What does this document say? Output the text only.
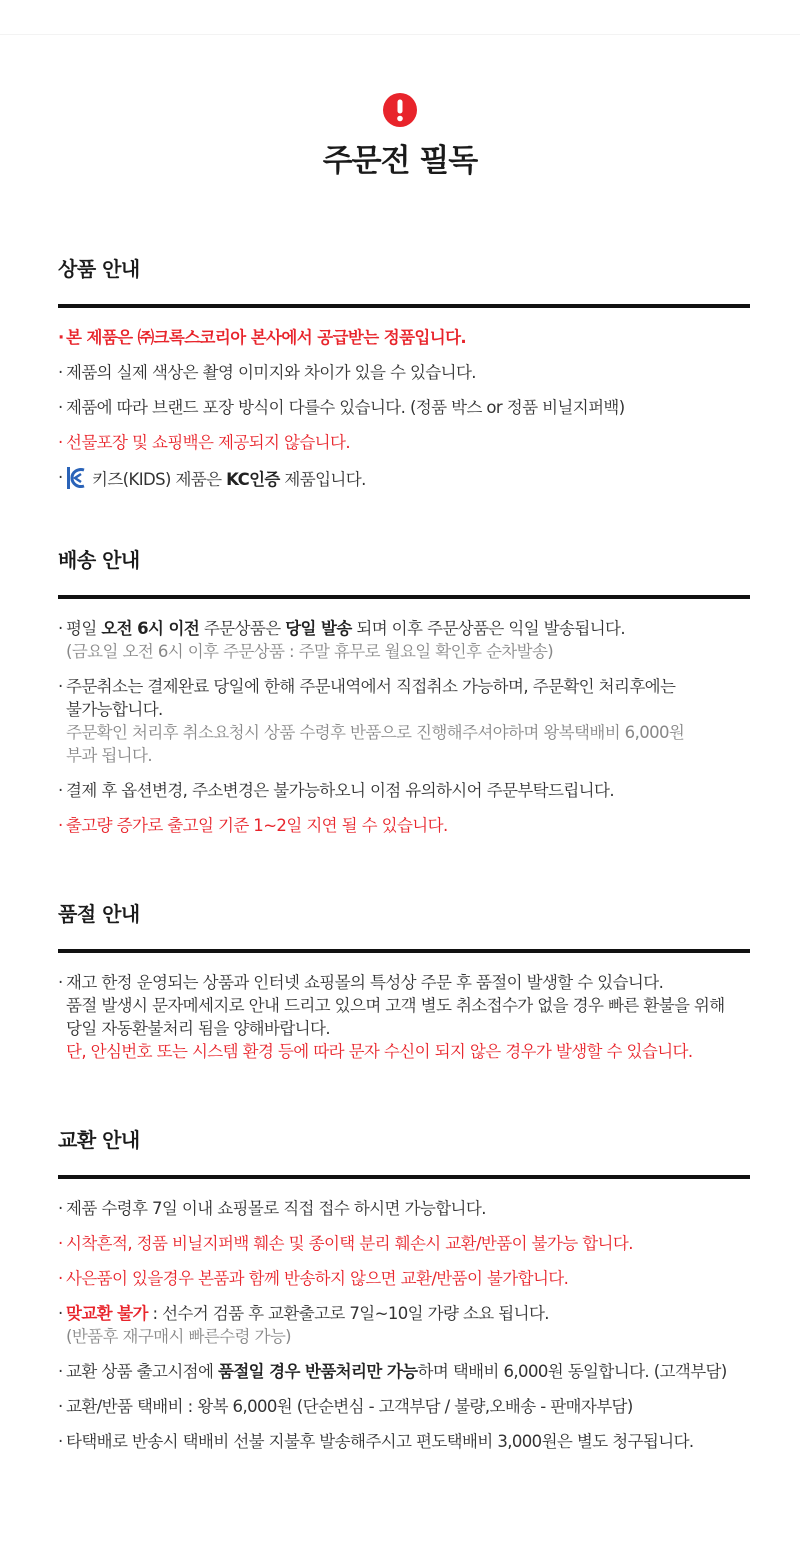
주문전 필독
상품 안내
· 본 제품은 ㈜크록스코리아 본사에서 공급받는 정품입니다.
· 제품의 실제 색상은 촬영 이미지와 차이가 있을 수 있습니다.
· 제품에 따라 브랜드 포장 방식이 다를수 있습니다. (정품 박스 or 정품 비닐지퍼백)
· 선물포장 및 쇼핑백은 제공되지 않습니다.
· 키즈(KIDS) 제품은 KC인증 제품입니다.
배송 안내
· 평일 오전 6시 이전 주문상품은 당일 발송 되며 이후 주문상품은 익일 발송됩니다.
(금요일 오전 6시 이후 주문상품 : 주말 휴무로 월요일 확인후 순차발송)
· 주문취소는 결제완료 당일에 한해 주문내역에서 직접취소 가능하며, 주문확인 처리후에는
불가능합니다.
주문확인 처리후 취소요청시 상품 수령후 반품으로 진행해주셔야하며 왕복택배비 6,000원
부과 됩니다.
· 결제 후 옵션변경, 주소변경은 불가능하오니 이점 유의하시어 주문부탁드립니다.
· 출고량 증가로 출고일 기준 1~2일 지연 될 수 있습니다.
품절 안내
· 재고 한정 운영되는 상품과 인터넷 쇼핑몰의 특성상 주문 후 품절이 발생할 수 있습니다.
품절 발생시 문자메세지로 안내 드리고 있으며 고객 별도 취소접수가 없을 경우 빠른 환불을 위해
당일 자동환불처리 됨을 양해바랍니다.
단, 안심번호 또는 시스템 환경 등에 따라 문자 수신이 되지 않은 경우가 발생할 수 있습니다.
교환 안내
· 제품 수령후 7일 이내 쇼핑몰로 직접 접수 하시면 가능합니다.
· 시착흔적, 정품 비닐지퍼백 훼손 및 종이택 분리 훼손시 교환/반품이 불가능 합니다.
· 사은품이 있을경우 본품과 함께 반송하지 않으면 교환/반품이 불가합니다.
· 맞교환 불가 : 선수거 검품 후 교환출고로 7일~10일 가량 소요 됩니다.
(반품후 재구매시 빠른수령 가능)
· 교환 상품 출고시점에 품절일 경우 반품처리만 가능하며 택배비 6,000원 동일합니다. (고객부담)
· 교환/반품 택배비 : 왕복 6,000원 (단순변심 - 고객부담 / 불량,오배송 - 판매자부담)
· 타택배로 반송시 택배비 선불 지불후 발송해주시고 편도택배비 3,000원은 별도 청구됩니다.
